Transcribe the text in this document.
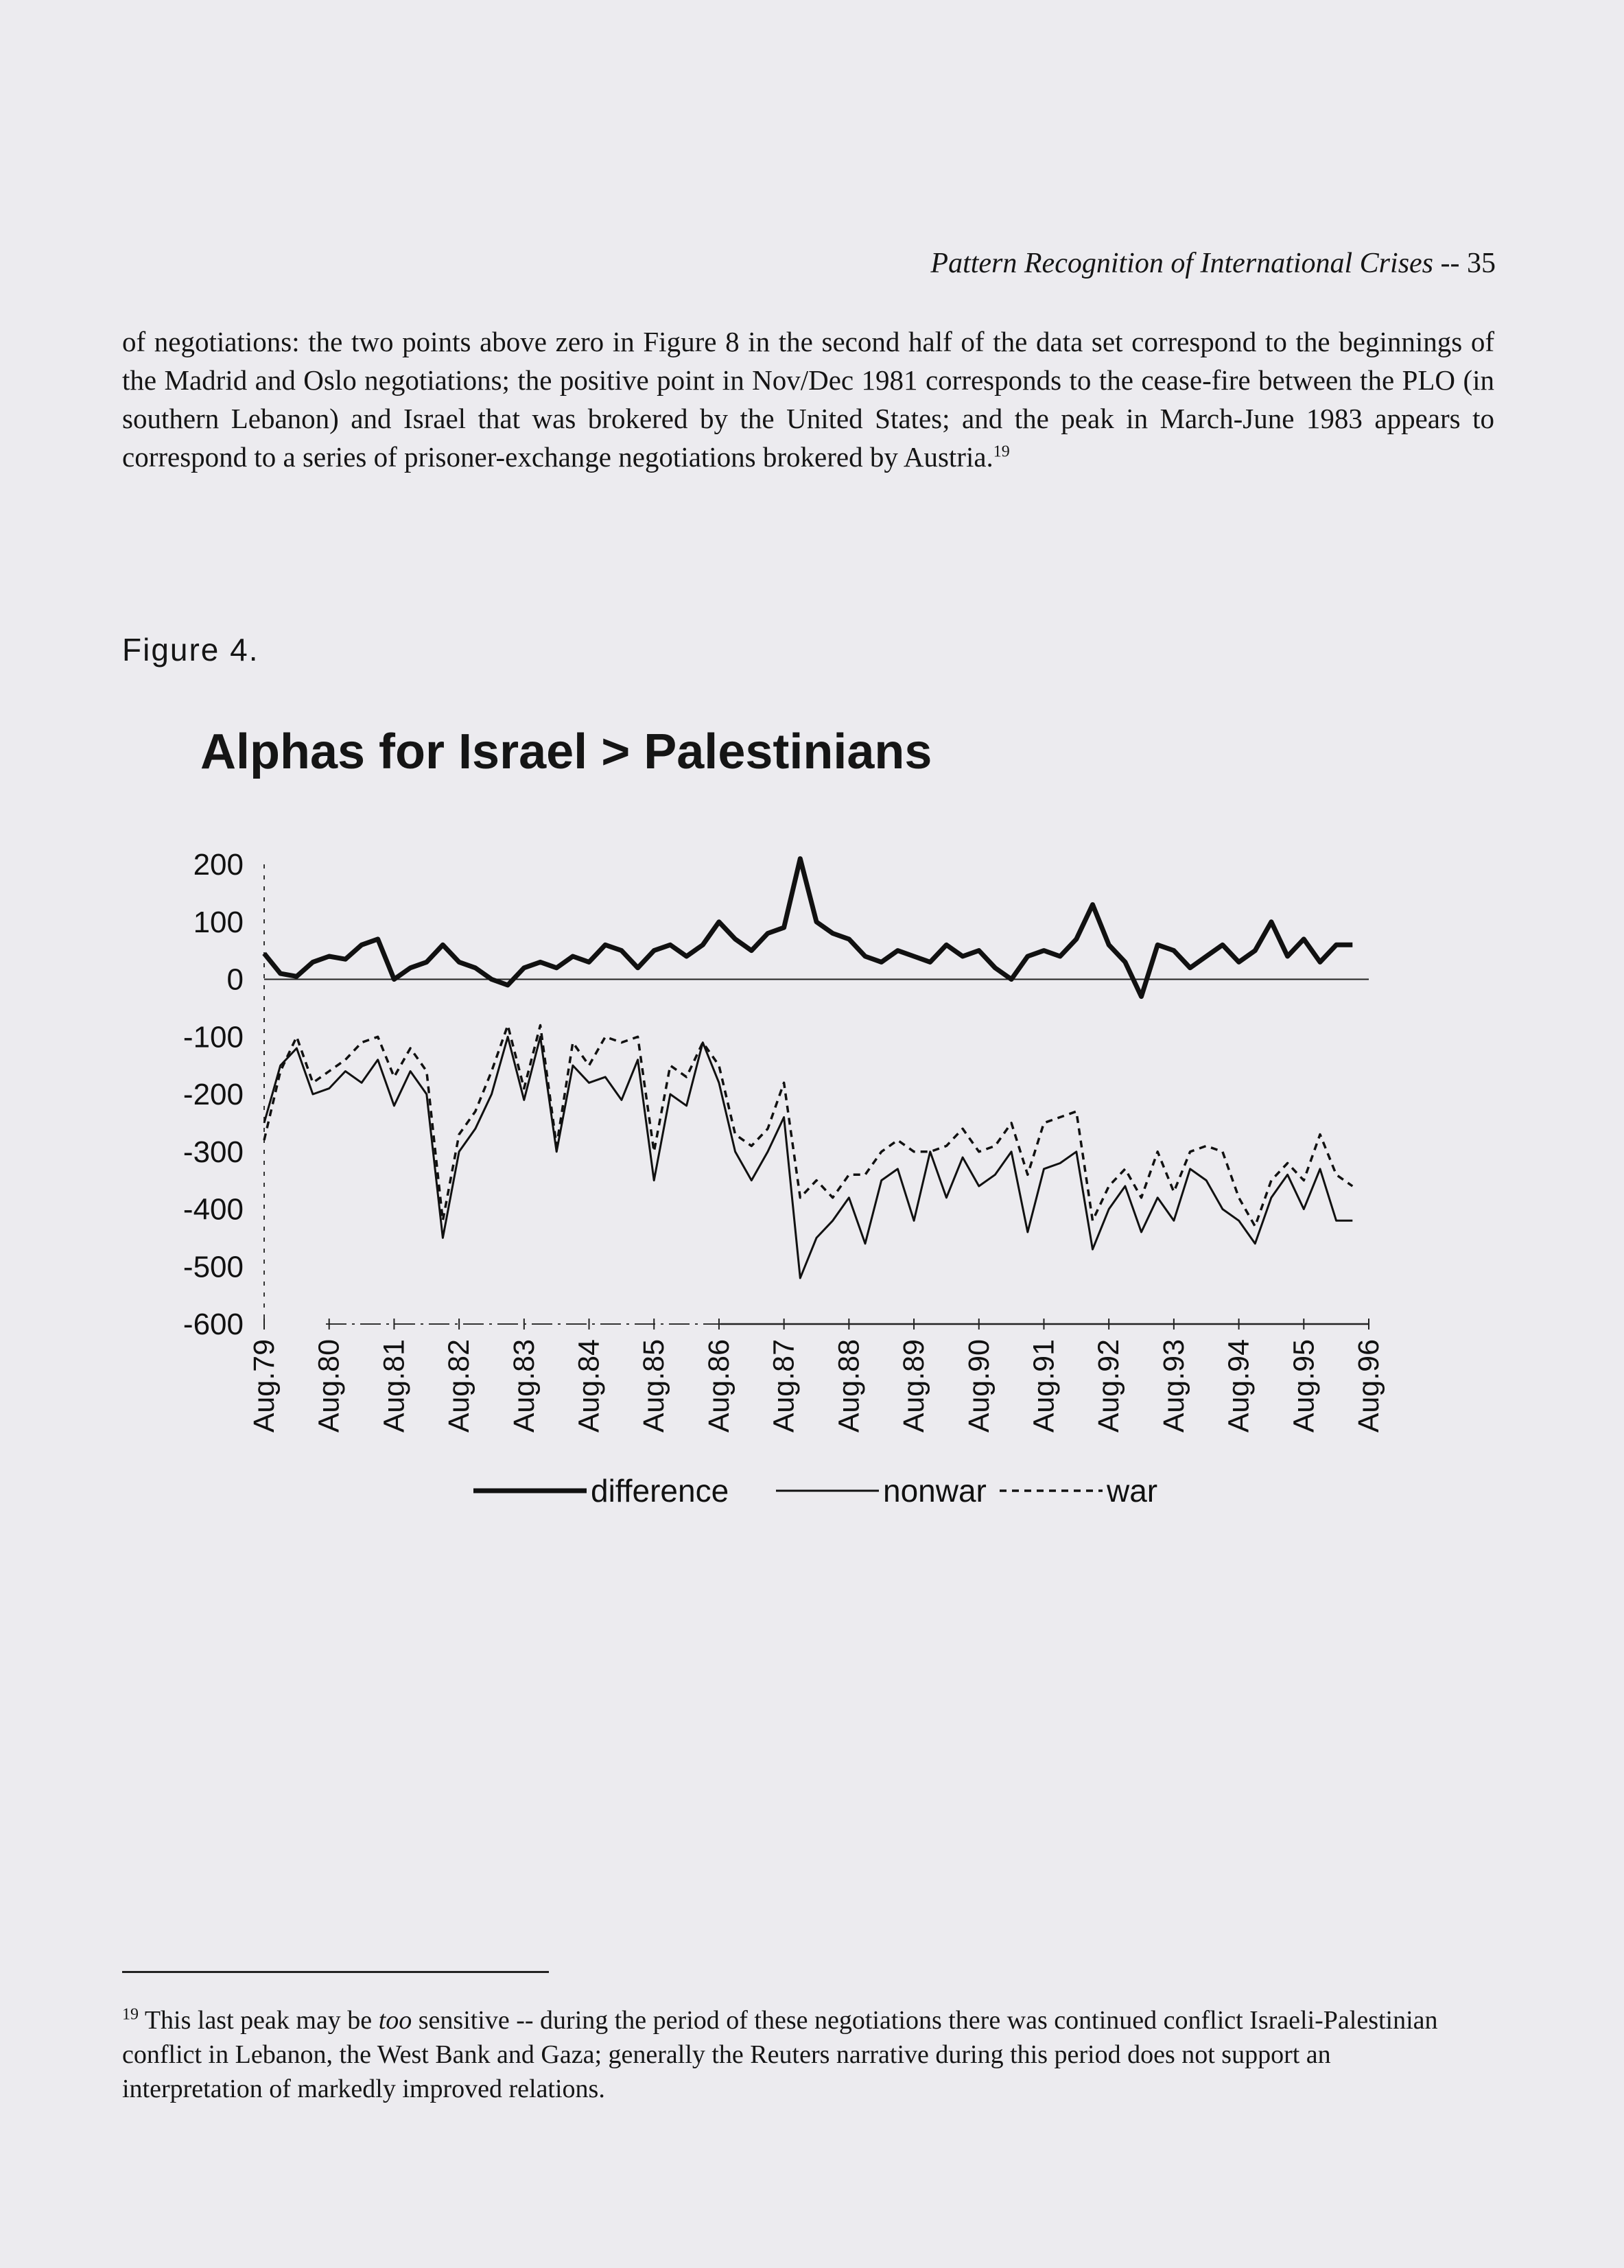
Pattern Recognition of International Crises -- 35
of negotiations: the two points above zero in Figure 8 in the second half of the data set correspond to the beginnings of the Madrid and Oslo negotiations; the positive point in Nov/Dec 1981 corresponds to the cease-fire between the PLO (in southern Lebanon) and Israel that was brokered by the United States; and the peak in March-June 1983 appears to correspond to a series of prisoner-exchange negotiations brokered by Austria.$^{19}$
Figure 4.
Alphas for Israel > Palestinians
200
100
0
-100
-200
-300
-400
-500
-600
Aug.79 Aug.80 Aug.81 Aug.82 Aug.83 Aug.84 Aug.85 Aug.86 Aug.87 Aug.88 Aug.89 Aug.90 Aug.91 Aug.92 Aug.93 Aug.94 Aug.95 Aug.96
difference	nonwar	war
$^{19}$ This last peak may be too sensitive -- during the period of these negotiations there was continued conflict Israeli-Palestinian conflict in Lebanon, the West Bank and Gaza; generally the Reuters narrative during this period does not support an interpretation of markedly improved relations.
